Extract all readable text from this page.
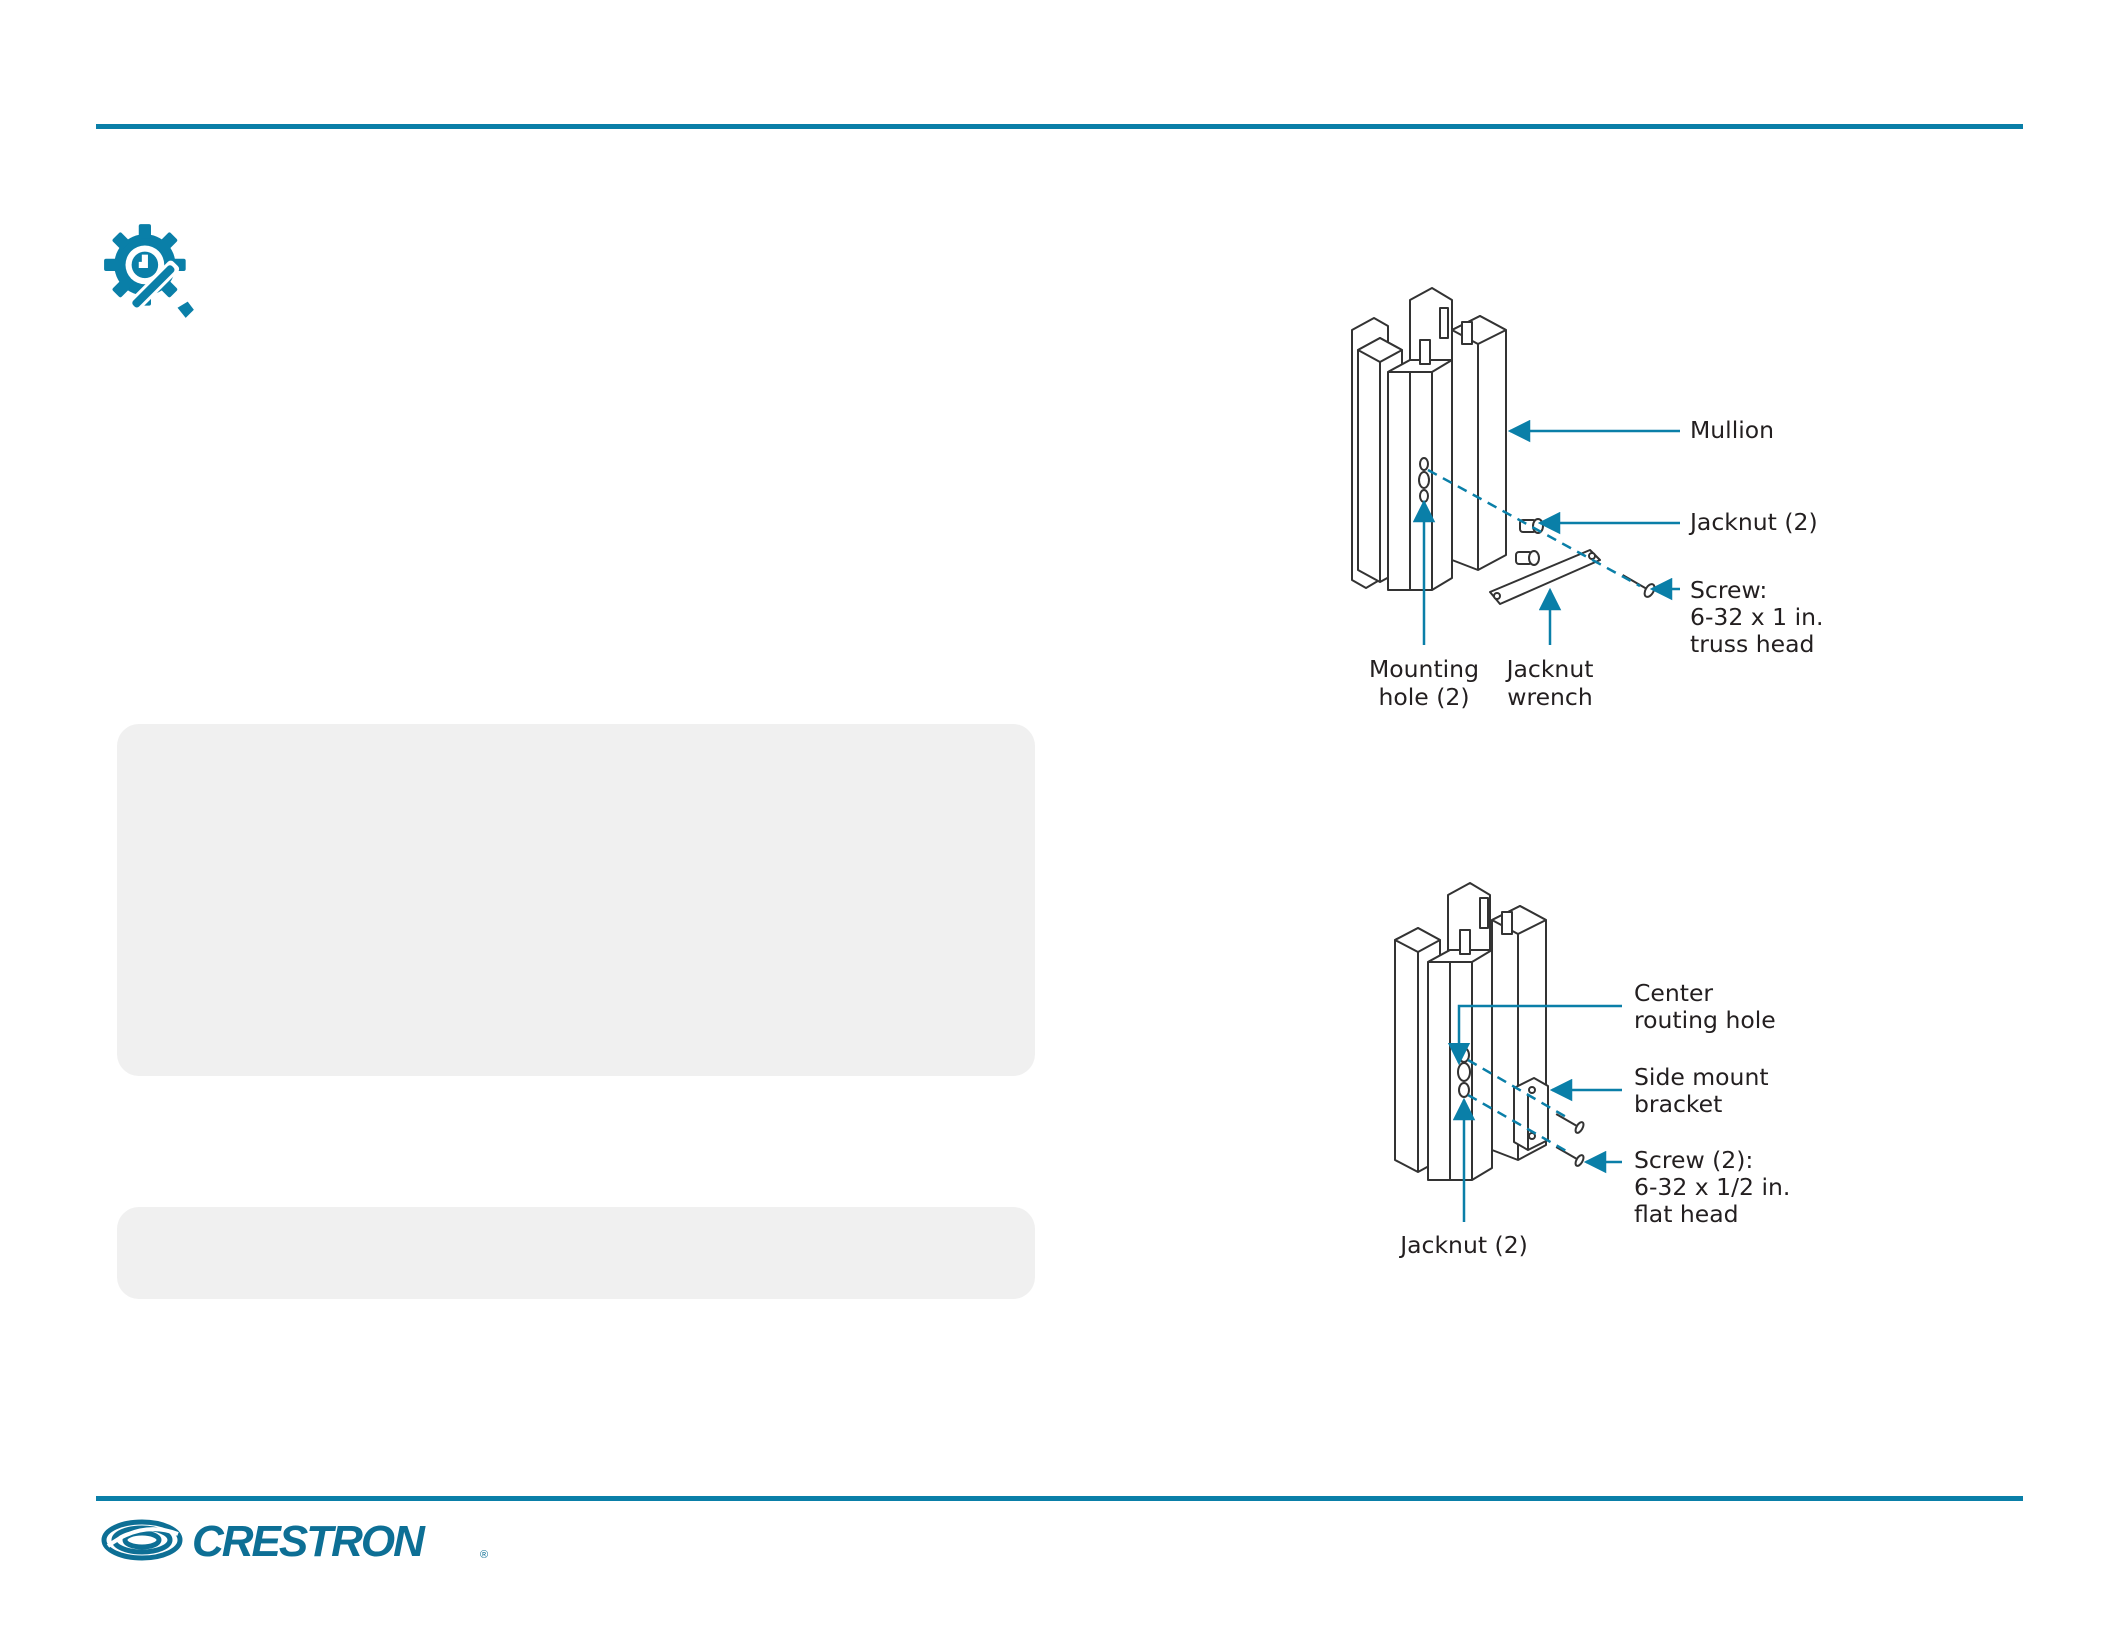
Mullion
Jacknut (2)
Screw:
6-32 x 1 in.
truss head
Mounting
hole (2)
Jacknut
wrench
Center
routing hole
Side mount
bracket
Screw (2):
6-32 x 1/2 in.
flat head
Jacknut (2)
CRESTRON	®
